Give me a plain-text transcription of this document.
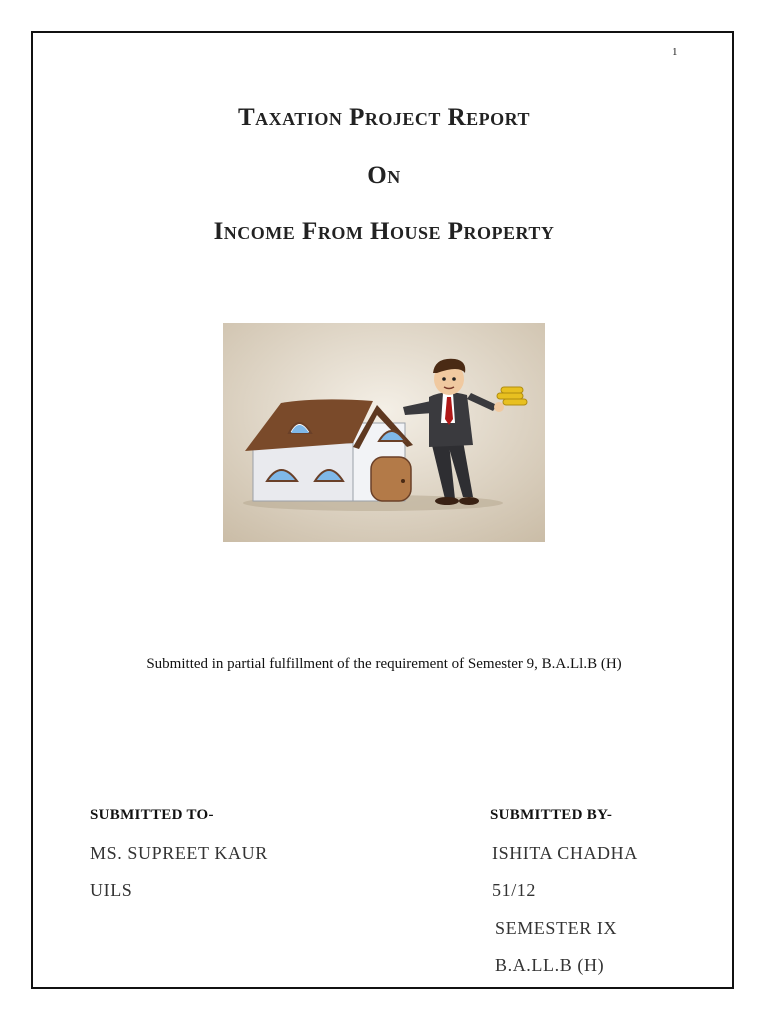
1
Taxation Project Report
On
Income From House Property
Submitted in partial fulfillment of the requirement of Semester 9, B.A.Ll.B (H)
SUBMITTED TO-
MS. SUPREET KAUR
UILS
SUBMITTED BY-
ISHITA CHADHA
51/12
SEMESTER IX
B.A.LL.B (H)
